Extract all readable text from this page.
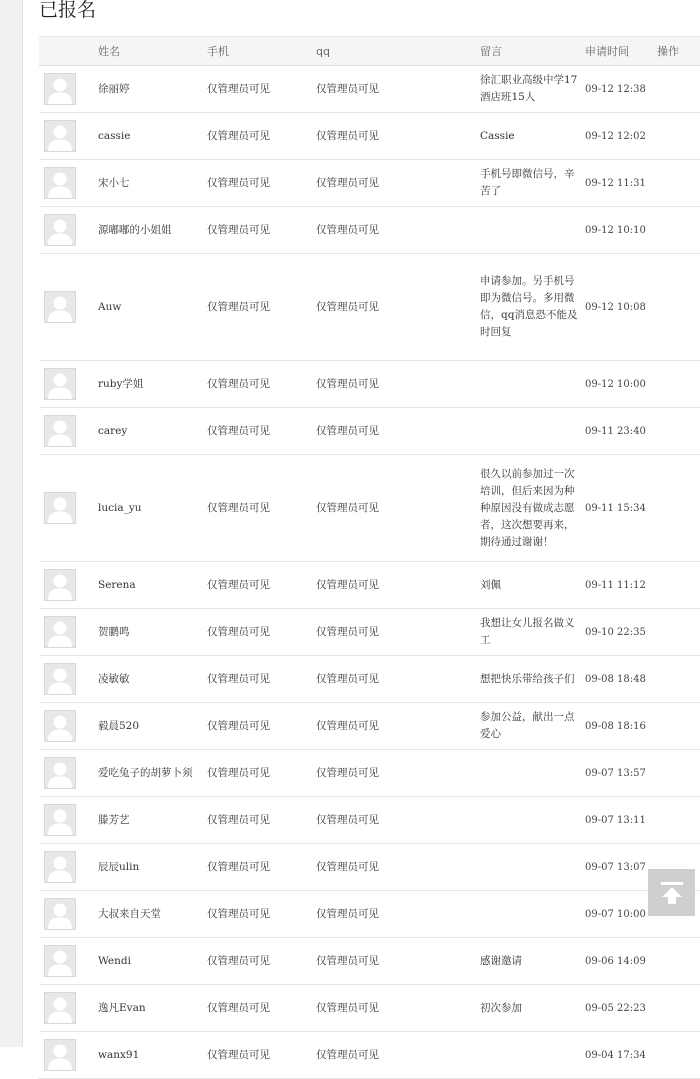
已报名
	姓名	手机	qq	留言	申请时间	操作

	徐丽婷	仅管理员可见	仅管理员可见	徐汇职业高级中学17酒店班15人	09-12 12:38	

	cassie	仅管理员可见	仅管理员可见	Cassie	09-12 12:02	

	宋小七	仅管理员可见	仅管理员可见	手机号即微信号，辛苦了	09-12 11:31	

	源嘟嘟的小姐姐	仅管理员可见	仅管理员可见		09-12 10:10	

	Auw	仅管理员可见	仅管理员可见	申请参加。另手机号即为微信号。多用微信，qq消息恐不能及时回复	09-12 10:08	

	ruby学姐	仅管理员可见	仅管理员可见		09-12 10:00	

	carey	仅管理员可见	仅管理员可见		09-11 23:40	

	lucia_yu	仅管理员可见	仅管理员可见	很久以前参加过一次培训，但后来因为种种原因没有做成志愿者，这次想要再来，期待通过谢谢！	09-11 15:34	

	Serena	仅管理员可见	仅管理员可见	刘佩	09-11 11:12	

	贺鹏鸣	仅管理员可见	仅管理员可见	我想让女儿报名做义工	09-10 22:35	

	凌敏敏	仅管理员可见	仅管理员可见	想把快乐带给孩子们	09-08 18:48	

	毅晨520	仅管理员可见	仅管理员可见	参加公益，献出一点爱心	09-08 18:16	

	爱吃兔子的胡萝卜须	仅管理员可见	仅管理员可见		09-07 13:57	

	滕芳艺	仅管理员可见	仅管理员可见		09-07 13:11	

	辰辰ulin	仅管理员可见	仅管理员可见		09-07 13:07	

	大叔来自天堂	仅管理员可见	仅管理员可见		09-07 10:00	

	Wendi	仅管理员可见	仅管理员可见	感谢邀请	09-06 14:09	

	逸凡Evan	仅管理员可见	仅管理员可见	初次参加	09-05 22:23	

	wanx91	仅管理员可见	仅管理员可见		09-04 17:34	
